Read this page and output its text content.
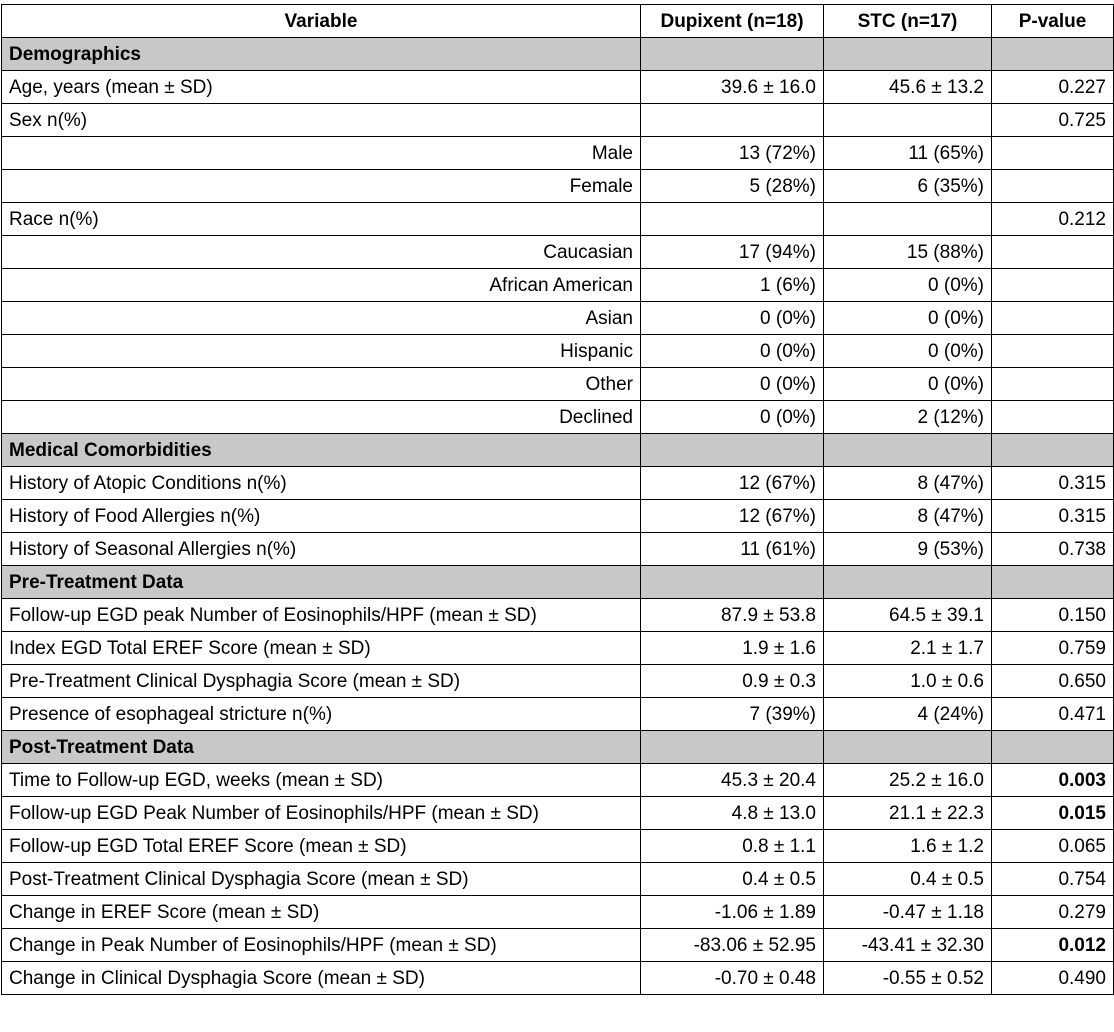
Variable	Dupixent (n=18)	STC (n=17)	P-value
Demographics			
Age, years (mean ± SD)	39.6 ± 16.0	45.6 ± 13.2	0.227
Sex n(%)			0.725
Male	13 (72%)	11 (65%)	
Female	5 (28%)	6 (35%)	
Race n(%)			0.212
Caucasian	17 (94%)	15 (88%)	
African American	1 (6%)	0 (0%)	
Asian	0 (0%)	0 (0%)	
Hispanic	0 (0%)	0 (0%)	
Other	0 (0%)	0 (0%)	
Declined	0 (0%)	2 (12%)	
Medical Comorbidities			
History of Atopic Conditions n(%)	12 (67%)	8 (47%)	0.315
History of Food Allergies n(%)	12 (67%)	8 (47%)	0.315
History of Seasonal Allergies n(%)	11 (61%)	9 (53%)	0.738
Pre-Treatment Data			
Follow-up EGD peak Number of Eosinophils/HPF (mean ± SD)	87.9 ± 53.8	64.5 ± 39.1	0.150
Index EGD Total EREF Score (mean ± SD)	1.9 ± 1.6	2.1 ± 1.7	0.759
Pre-Treatment Clinical Dysphagia Score (mean ± SD)	0.9 ± 0.3	1.0 ± 0.6	0.650
Presence of esophageal stricture n(%)	7 (39%)	4 (24%)	0.471
Post-Treatment Data			
Time to Follow-up EGD, weeks (mean ± SD)	45.3 ± 20.4	25.2 ± 16.0	0.003
Follow-up EGD Peak Number of Eosinophils/HPF (mean ± SD)	4.8 ± 13.0	21.1 ± 22.3	0.015
Follow-up EGD Total EREF Score (mean ± SD)	0.8 ± 1.1	1.6 ± 1.2	0.065
Post-Treatment Clinical Dysphagia Score (mean ± SD)	0.4 ± 0.5	0.4 ± 0.5	0.754
Change in EREF Score (mean ± SD)	-1.06 ± 1.89	-0.47 ± 1.18	0.279
Change in Peak Number of Eosinophils/HPF (mean ± SD)	-83.06 ± 52.95	-43.41 ± 32.30	0.012
Change in Clinical Dysphagia Score (mean ± SD)	-0.70 ± 0.48	-0.55 ± 0.52	0.490
